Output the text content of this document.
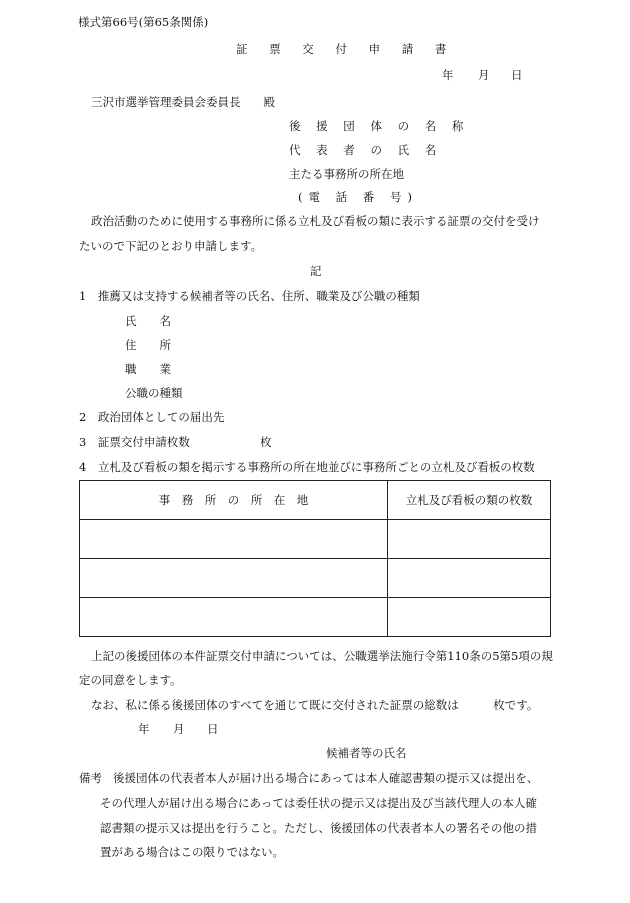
様式第66号(第65条関係)
証 票 交 付 申 請 書
年 月 日
三沢市選挙管理委員会委員長　　殿
後 援 団 体 の 名 称
代 表 者 の 氏 名
主たる事務所の所在地
(電 話 番 号)
政治活動のために使用する事務所に係る立札及び看板の類に表示する証票の交付を受け
たいので下記のとおり申請します。
記
1　推薦又は支持する候補者等の氏名、住所、職業及び公職の種類
氏　　名
住　　所
職　　業
公職の種類
2　政治団体としての届出先
3　証票交付申請枚数	枚
4　立札及び看板の類を掲示する事務所の所在地並びに事務所ごとの立札及び看板の枚数
事　務　所　の　所　在　地	立札及び看板の類の枚数

上記の後援団体の本件証票交付申請については、公職選挙法施行令第110条の5第5項の規
定の同意をします。
なお、私に係る後援団体のすべてを通じて既に交付された証票の総数は　　　枚です。
年 月 日
候補者等の氏名
備考 後援団体の代表者本人が届け出る場合にあっては本人確認書類の提示又は提出を、
その代理人が届け出る場合にあっては委任状の提示又は提出及び当該代理人の本人確
認書類の提示又は提出を行うこと。ただし、後援団体の代表者本人の署名その他の措
置がある場合はこの限りではない。
